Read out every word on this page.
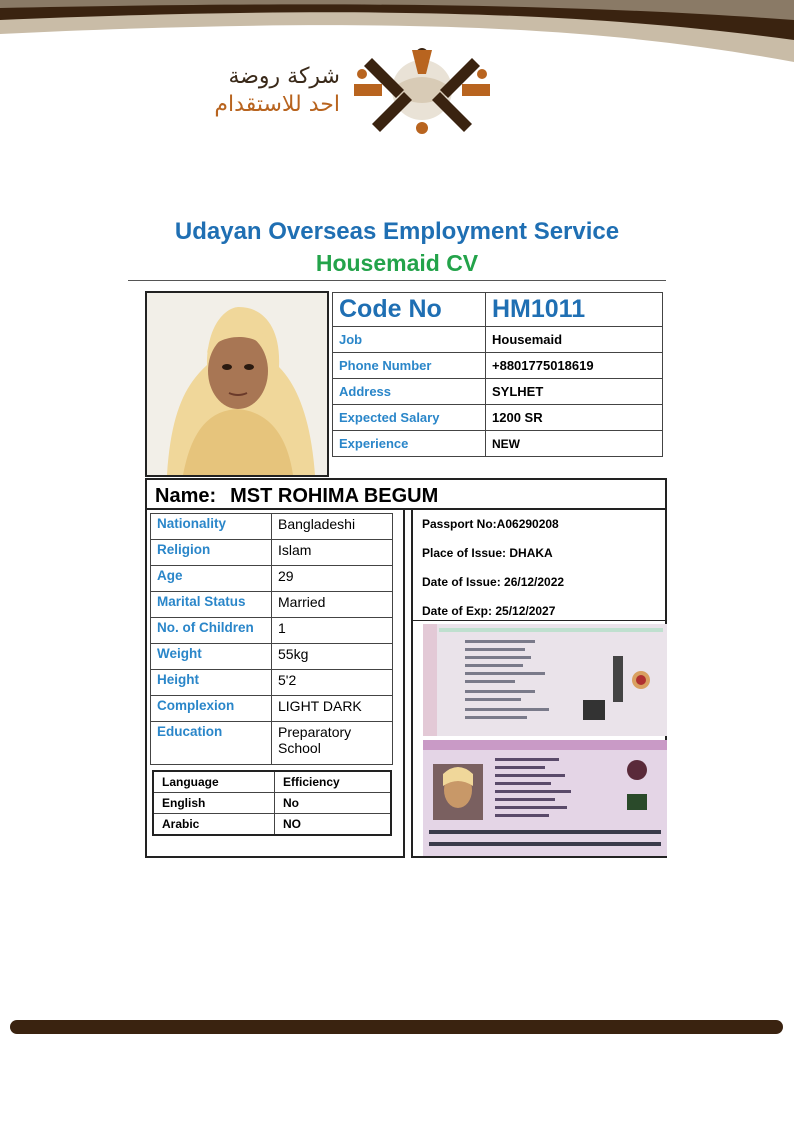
شركة روضة
احد للاستقدام
Udayan Overseas Employment Service
Housemaid CV
Code No	HM1011
Job	Housemaid
Phone Number	+8801775018619
Address	SYLHET
Expected Salary	1200 SR
Experience	NEW
Name: MST ROHIMA BEGUM
Nationality	Bangladeshi
Religion	Islam
Age	29
Marital Status	Married
No. of Children	1
Weight	55kg
Height	5'2
Complexion	LIGHT DARK
Education	Preparatory School
Language	Efficiency
English	No
Arabic	NO
Passport No:A06290208
Place of Issue: DHAKA
Date of Issue: 26/12/2022
Date of Exp: 25/12/2027
